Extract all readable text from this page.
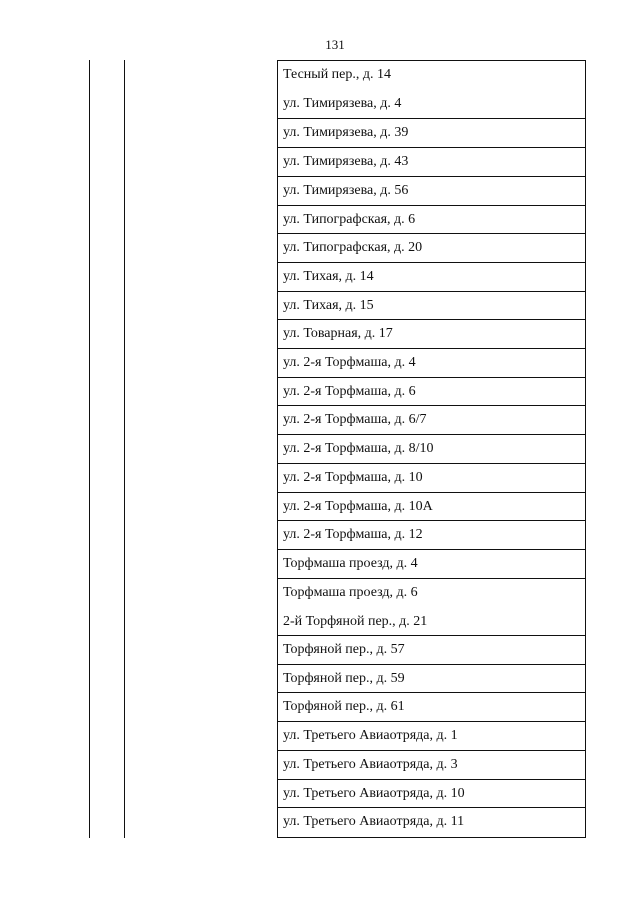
131
Тесный пер., д. 14
ул. Тимирязева, д. 4
ул. Тимирязева, д. 39
ул. Тимирязева, д. 43
ул. Тимирязева, д. 56
ул. Типографская, д. 6
ул. Типографская, д. 20
ул. Тихая, д. 14
ул. Тихая, д. 15
ул. Товарная, д. 17
ул. 2-я Торфмаша, д. 4
ул. 2-я Торфмаша, д. 6
ул. 2-я Торфмаша, д. 6/7
ул. 2-я Торфмаша, д. 8/10
ул. 2-я Торфмаша, д. 10
ул. 2-я Торфмаша, д. 10А
ул. 2-я Торфмаша, д. 12
Торфмаша проезд, д. 4
Торфмаша проезд, д. 6
2-й Торфяной пер., д. 21
Торфяной пер., д. 57
Торфяной пер., д. 59
Торфяной пер., д. 61
ул. Третьего Авиаотряда, д. 1
ул. Третьего Авиаотряда, д. 3
ул. Третьего Авиаотряда, д. 10
ул. Третьего Авиаотряда, д. 11
